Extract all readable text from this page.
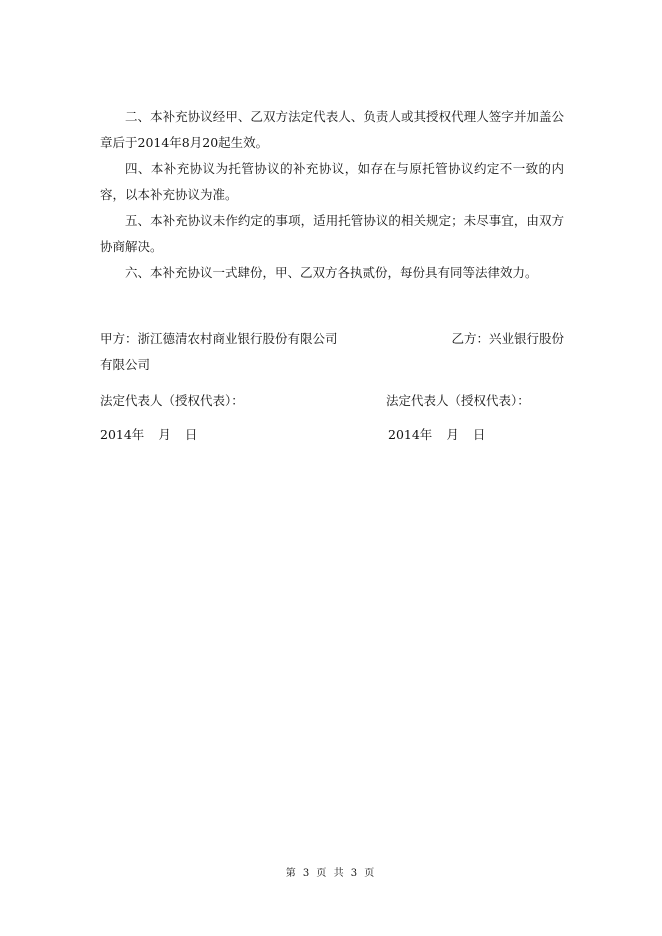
二、本补充协议经甲、乙双方法定代表人、负责人或其授权代理人签字并加盖公章后于2014年8月20起生效。

四、本补充协议为托管协议的补充协议，如存在与原托管协议约定不一致的内容，以本补充协议为准。

五、本补充协议未作约定的事项，适用托管协议的相关规定；未尽事宜，由双方协商解决。

六、本补充协议一式肆份，甲、乙双方各执贰份，每份具有同等法律效力。

甲方：浙江德清农村商业银行股份有限公司	乙方：兴业银行股份
有限公司
法定代表人（授权代表）：	法定代表人（授权代表）：
2014年 月 日	2014年 月 日
第 3 页 共 3 页
